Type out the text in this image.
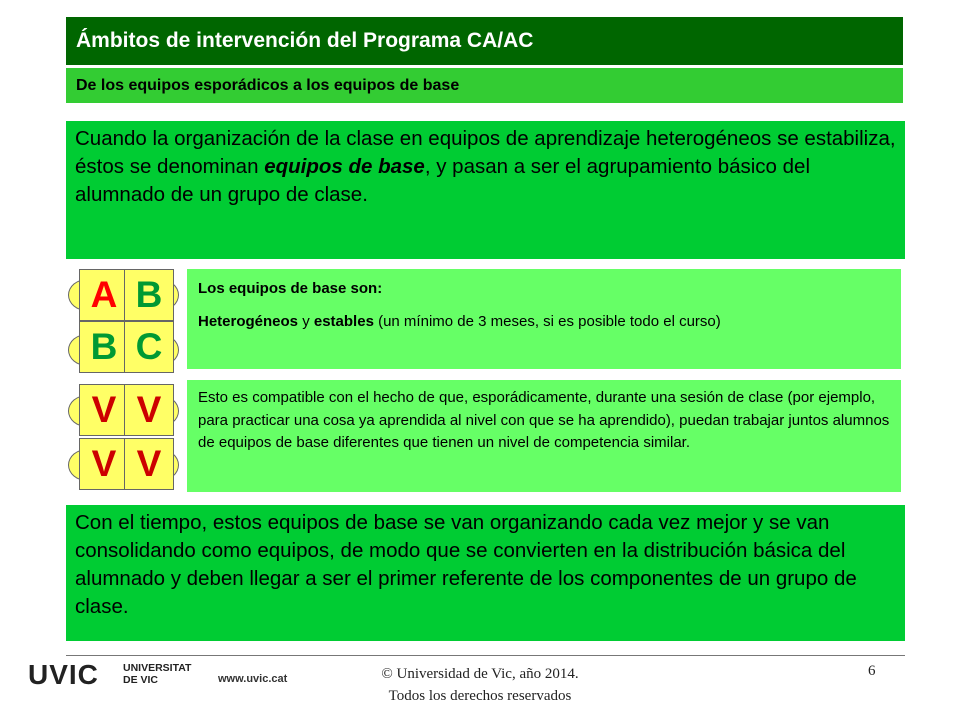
Ámbitos de intervención del Programa CA/AC
De los equipos esporádicos a los equipos de base
Cuando la organización de la clase en equipos de aprendizaje heterogéneos se estabiliza, éstos se denominan equipos de base, y pasan a ser el agrupamiento básico del alumnado de un grupo de clase.
A B
B C

Los equipos de base son:

Heterogéneos y estables (un mínimo de 3 meses, si es posible todo el curso)

V V
V V
Esto es compatible con el hecho de que, esporádicamente, durante una sesión de clase (por ejemplo, para practicar una cosa ya aprendida al nivel con que se ha aprendido), puedan trabajar juntos alumnos de equipos de base diferentes que tienen un nivel de competencia similar.
Con el tiempo, estos equipos de base se van organizando cada vez mejor y se van consolidando como equipos, de modo que se convierten en la distribución básica del alumnado y deben llegar a ser el primer referente de los componentes de un grupo de clase.
UVIC UNIVERSITAT
DE VIC	www.uvic.cat	© Universidad de Vic, año 2014.
Todos los derechos reservados
6
